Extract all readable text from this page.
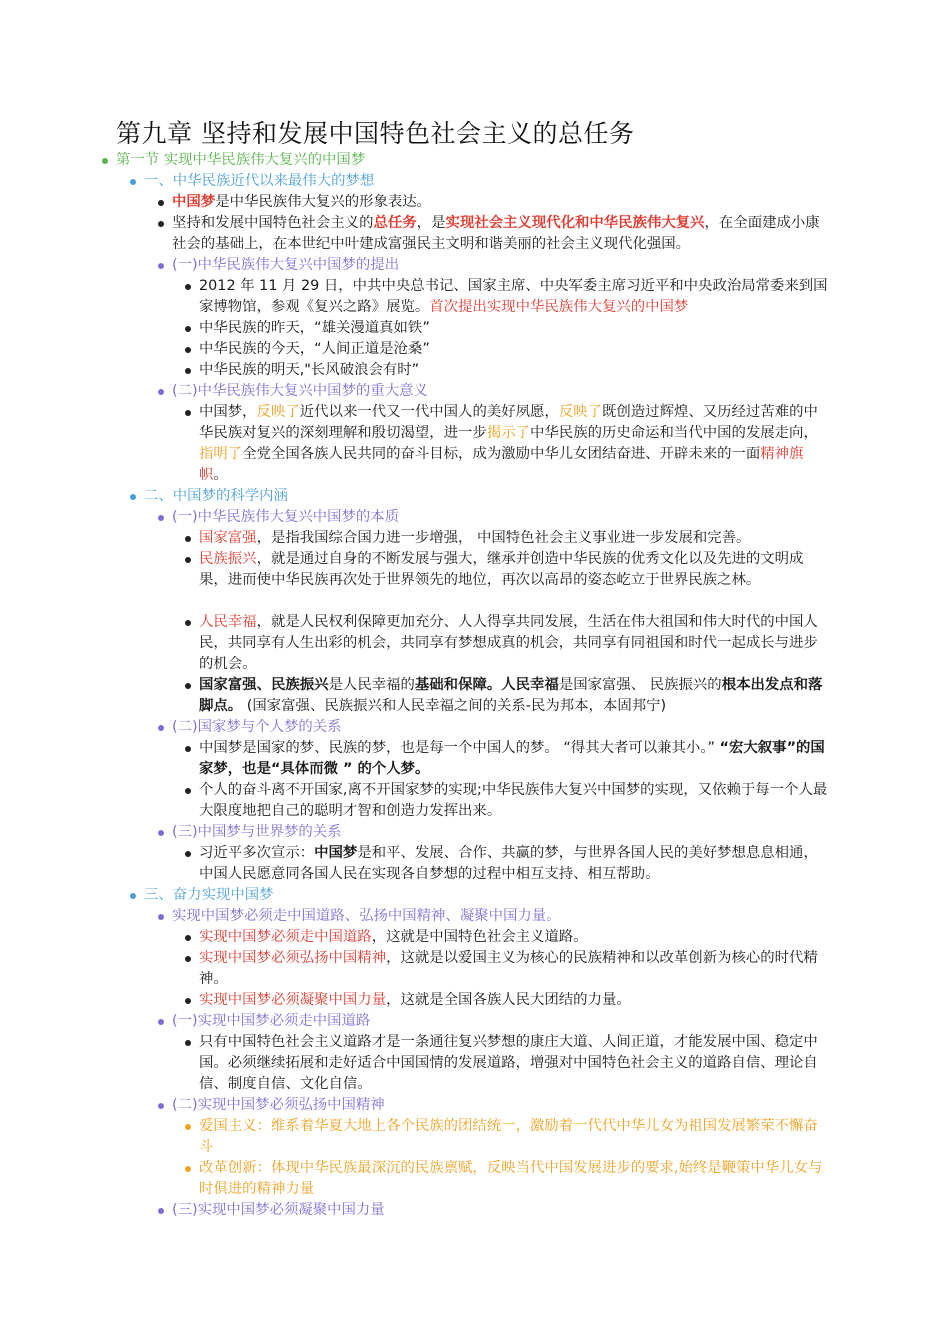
第九章 坚持和发展中国特色社会主义的总任务
第一节 实现中华民族伟大复兴的中国梦
一、中华民族近代以来最伟大的梦想
中国梦是中华民族伟大复兴的形象表达。
坚持和发展中国特色社会主义的总任务，是实现社会主义现代化和中华民族伟大复兴，在全面建成小康社会的基础上，在本世纪中叶建成富强民主文明和谐美丽的社会主义现代化强国。
(一)中华民族伟大复兴中国梦的提出
2012 年 11 月 29 日，中共中央总书记、国家主席、中央军委主席习近平和中央政治局常委来到国家博物馆，参观《复兴之路》展览。首次提出实现中华民族伟大复兴的中国梦
中华民族的昨天，“雄关漫道真如铁”
中华民族的今天，“人间正道是沧桑”
中华民族的明天,"长风破浪会有时”
(二)中华民族伟大复兴中国梦的重大意义
中国梦，反映了近代以来一代又一代中国人的美好夙愿，反映了既创造过辉煌、又历经过苦难的中华民族对复兴的深刻理解和殷切渴望，进一步揭示了中华民族的历史命运和当代中国的发展走向，指明了全党全国各族人民共同的奋斗目标，成为激励中华儿女团结奋进、开辟未来的一面精神旗帜。
二、中国梦的科学内涵
(一)中华民族伟大复兴中国梦的本质
国家富强，是指我国综合国力进一步增强， 中国特色社会主义事业进一步发展和完善。
民族振兴，就是通过自身的不断发展与强大，继承并创造中华民族的优秀文化以及先进的文明成果，进而使中华民族再次处于世界领先的地位，再次以高昂的姿态屹立于世界民族之林。
人民幸福，就是人民权利保障更加充分、人人得享共同发展，生活在伟大祖国和伟大时代的中国人民，共同享有人生出彩的机会，共同享有梦想成真的机会，共同享有同祖国和时代一起成长与进步的机会。
国家富强、民族振兴是人民幸福的基础和保障。人民幸福是国家富强、 民族振兴的根本出发点和落脚点。 (国家富强、民族振兴和人民幸福之间的关系-民为邦本，本固邦宁)
(二)国家梦与个人梦的关系
中国梦是国家的梦、民族的梦，也是每一个中国人的梦。 “得其大者可以兼其小。” “宏大叙事”的国家梦，也是“具体而微 ” 的个人梦。
个人的奋斗离不开国家,离不开国家梦的实现;中华民族伟大复兴中国梦的实现，又依赖于每一个人最大限度地把自己的聪明才智和创造力发挥出来。
(三)中国梦与世界梦的关系
习近平多次宣示：中国梦是和平、发展、合作、共赢的梦，与世界各国人民的美好梦想息息相通，中国人民愿意同各国人民在实现各自梦想的过程中相互支持、相互帮助。
三、奋力实现中国梦
实现中国梦必须走中国道路、弘扬中国精神、凝聚中国力量。
实现中国梦必须走中国道路，这就是中国特色社会主义道路。
实现中国梦必须弘扬中国精神，这就是以爱国主义为核心的民族精神和以改革创新为核心的时代精神。
实现中国梦必须凝聚中国力量，这就是全国各族人民大团结的力量。
(一)实现中国梦必须走中国道路
只有中国特色社会主义道路才是一条通往复兴梦想的康庄大道、人间正道，才能发展中国、稳定中国。必须继续拓展和走好适合中国国情的发展道路，增强对中国特色社会主义的道路自信、理论自信、制度自信、文化自信。
(二)实现中国梦必须弘扬中国精神
爱国主义：维系着华夏大地上各个民族的团结统一，激励着一代代中华儿女为祖国发展繁荣不懈奋斗
改革创新：体现中华民族最深沉的民族禀赋，反映当代中国发展进步的要求,始终是鞭策中华儿女与时俱进的精神力量
(三)实现中国梦必须凝聚中国力量
